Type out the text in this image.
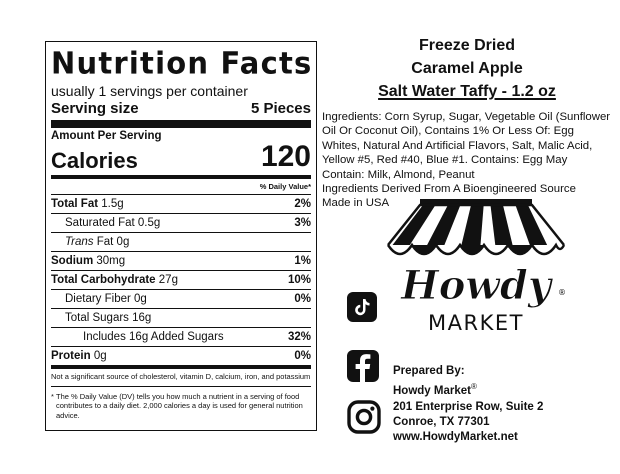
Nutrition Facts
usually 1 servings per container
Serving size	5 Pieces
Amount Per Serving
Calories	120
% Daily Value*
Total Fat 1.5g	2%
Saturated Fat 0.5g	3%
Trans Fat 0g
Sodium 30mg	1%
Total Carbohydrate 27g	10%
Dietary Fiber 0g	0%
Total Sugars 16g
Includes 16g Added Sugars	32%
Protein 0g	0%
Not a significant source of cholesterol, vitamin D, calcium, iron, and potassium
* The % Daily Value (DV) tells you how much a nutrient in a serving of food contributes to a daily diet. 2,000 calories a day is used for general nutrition advice.
Freeze Dried
Caramel Apple
Salt Water Taffy - 1.2 oz
Ingredients: Corn Syrup, Sugar, Vegetable Oil (Sunflower Oil Or Coconut Oil), Contains 1% Or Less Of: Egg Whites, Natural And Artificial Flavors, Salt, Malic Acid, Yellow #5, Red #40, Blue #1. Contains: Egg May Contain: Milk, Almond, Peanut
Ingredients Derived From A Bioengineered Source
Made in USA
Howdy ®
MARKET
Prepared By:
Howdy Market®
201 Enterprise Row, Suite 2
Conroe, TX 77301
www.HowdyMarket.net
